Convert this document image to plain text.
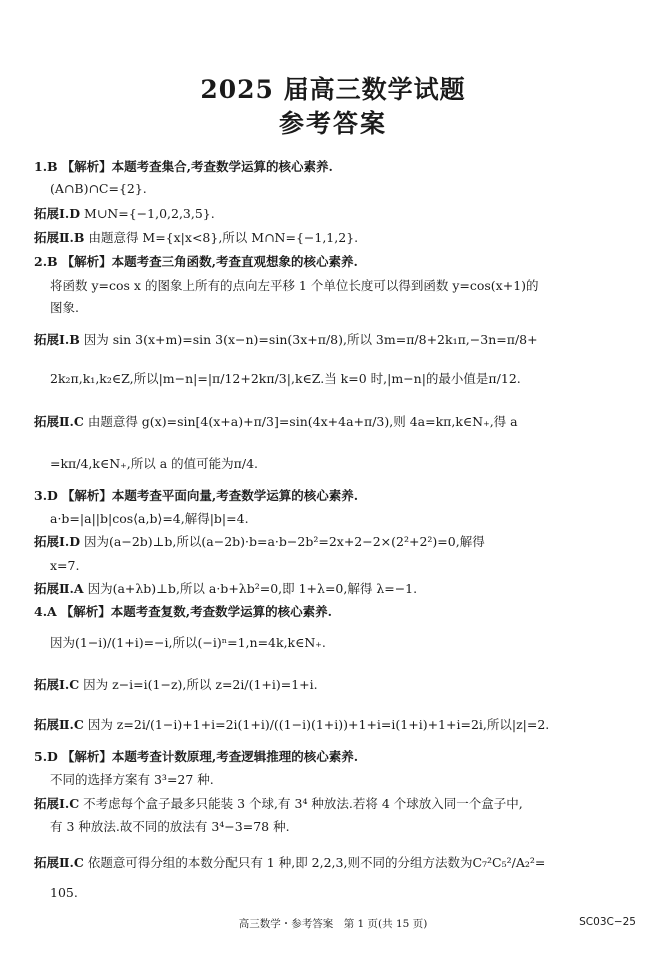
2025 届高三数学试题
参考答案
1.B 【解析】本题考查集合,考查数学运算的核心素养.
(A∩B)∩C={2}.
拓展Ⅰ.D M∪N={−1,0,2,3,5}.
拓展Ⅱ.B 由题意得 M={x|x<8},所以 M∩N={−1,1,2}.
2.B 【解析】本题考查三角函数,考查直观想象的核心素养.
将函数 y=cos x 的图象上所有的点向左平移 1 个单位长度可以得到函数 y=cos(x+1)的
图象.
拓展Ⅰ.B 因为 sin 3(x+m)=sin 3(x−n)=sin(3x+π/8),所以 3m=π/8+2k₁π,−3n=π/8+
2k₂π,k₁,k₂∈Z,所以|m−n|=|π/12+2kπ/3|,k∈Z.当 k=0 时,|m−n|的最小值是π/12.
拓展Ⅱ.C 由题意得 g(x)=sin[4(x+a)+π/3]=sin(4x+4a+π/3),则 4a=kπ,k∈N₊,得 a
=kπ/4,k∈N₊,所以 a 的值可能为π/4.
3.D 【解析】本题考查平面向量,考查数学运算的核心素养.
a·b=|a||b|cos⟨a,b⟩=4,解得|b|=4.
拓展Ⅰ.D 因为(a−2b)⊥b,所以(a−2b)·b=a·b−2b²=2x+2−2×(2²+2²)=0,解得
x=7.
拓展Ⅱ.A 因为(a+λb)⊥b,所以 a·b+λb²=0,即 1+λ=0,解得 λ=−1.
4.A 【解析】本题考查复数,考查数学运算的核心素养.
因为(1−i)/(1+i)=−i,所以(−i)ⁿ=1,n=4k,k∈N₊.
拓展Ⅰ.C 因为 z−i=i(1−z),所以 z=2i/(1+i)=1+i.
拓展Ⅱ.C 因为 z=2i/(1−i)+1+i=2i(1+i)/((1−i)(1+i))+1+i=i(1+i)+1+i=2i,所以|z|=2.
5.D 【解析】本题考查计数原理,考查逻辑推理的核心素养.
不同的选择方案有 3³=27 种.
拓展Ⅰ.C 不考虑每个盒子最多只能装 3 个球,有 3⁴ 种放法.若将 4 个球放入同一个盒子中,
有 3 种放法.故不同的放法有 3⁴−3=78 种.
拓展Ⅱ.C 依题意可得分组的本数分配只有 1 种,即 2,2,3,则不同的分组方法数为C₇²C₅²/A₂²=
105.
高三数学・参考答案　第 1 页(共 15 页)	SC03C−25
